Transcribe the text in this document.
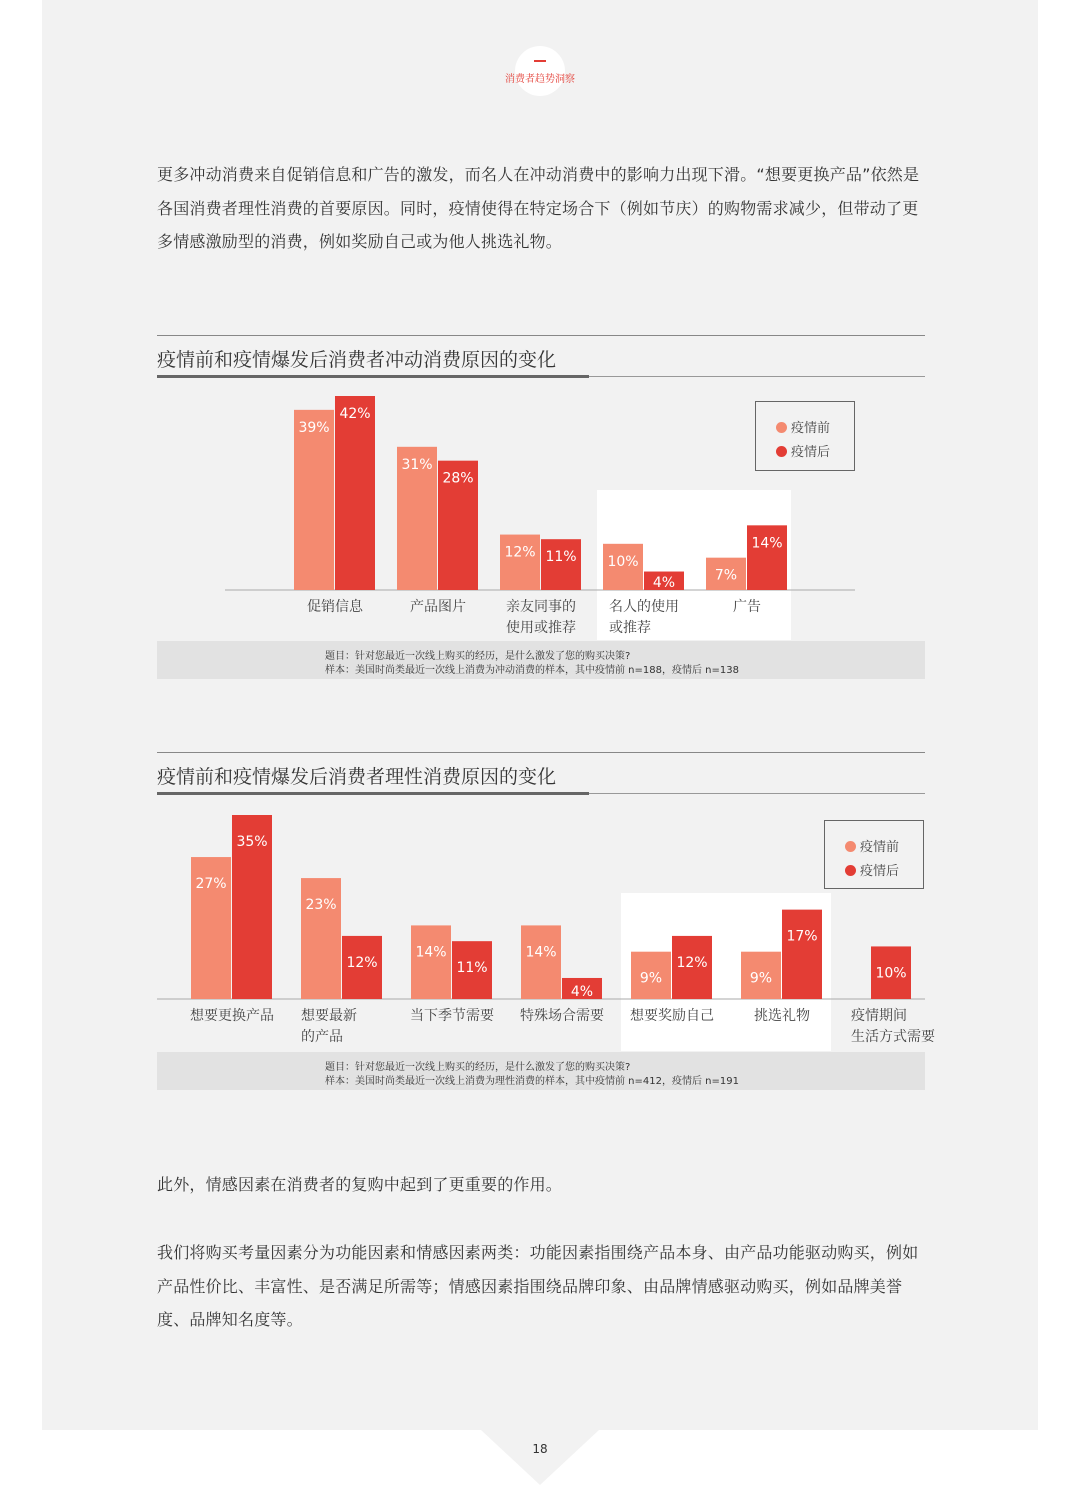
消费者趋势洞察

更多冲动消费来自促销信息和广告的激发，而名人在冲动消费中的影响力出现下滑。“想要更换产品”依然是各国消费者理性消费的首要原因。同时，疫情使得在特定场合下（例如节庆）的购物需求减少，但带动了更多情感激励型的消费，例如奖励自己或为他人挑选礼物。

疫情前和疫情爆发后消费者冲动消费原因的变化
39%
42%
促销信息
31%
28%
产品图片
12% 11%
亲友同事的
使用或推荐
10%
4%
名人的使用
或推荐
7%
14%
广告
疫情前
疫情后
题目：针对您最近一次线上购买的经历，是什么激发了您的购买决策?
样本：美国时尚类最近一次线上消费为冲动消费的样本，其中疫情前 n=188，疫情后 n=138
疫情前和疫情爆发后消费者理性消费原因的变化
27%
35%
想要更换产品
23%
12%
想要最新
的产品
14%
11%
当下季节需要
14%
4%
特殊场合需要
9%
12%
想要奖励自己
9%
17%
挑选礼物
10%
疫情期间
生活方式需要
疫情前
疫情后
题目：针对您最近一次线上购买的经历，是什么激发了您的购买决策?
样本：美国时尚类最近一次线上消费为理性消费的样本，其中疫情前 n=412，疫情后 n=191

此外，情感因素在消费者的复购中起到了更重要的作用。

我们将购买考量因素分为功能因素和情感因素两类：功能因素指围绕产品本身、由产品功能驱动购买，例如产品性价比、丰富性、是否满足所需等；情感因素指围绕品牌印象、由品牌情感驱动购买，例如品牌美誉度、品牌知名度等。

18
